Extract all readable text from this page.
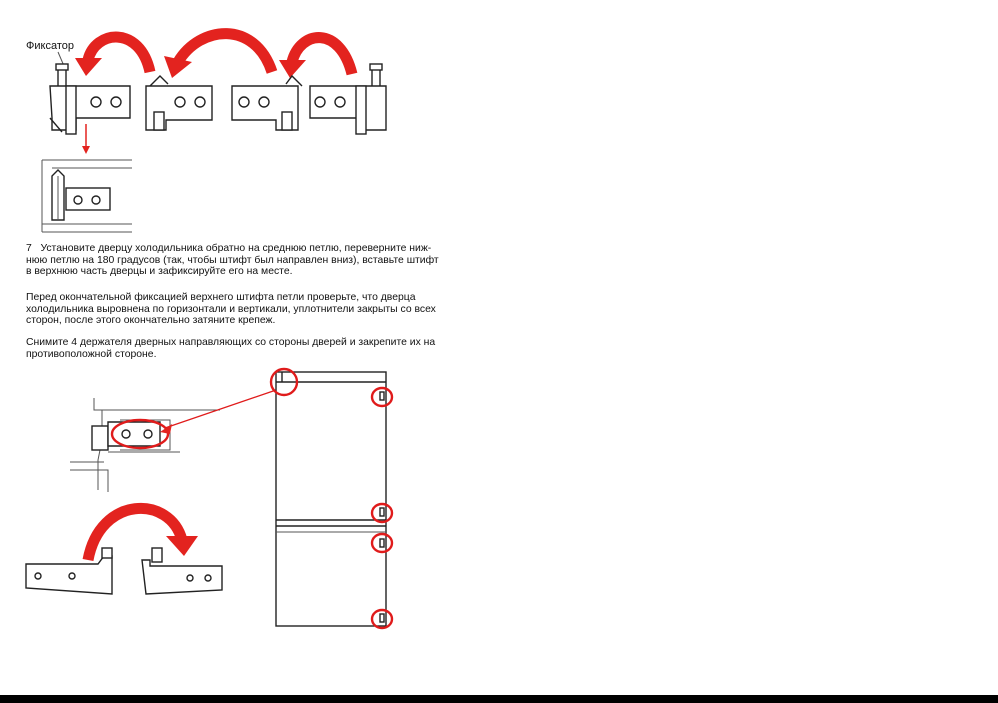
Фиксатор

7 Установите дверцу холодильника обратно на среднюю петлю, переверните ниж-
нюю петлю на 180 градусов (так, чтобы штифт был направлен вниз), вставьте штифт
в верхнюю часть дверцы и зафиксируйте его на месте.

Перед окончательной фиксацией верхнего штифта петли проверьте, что дверца
холодильника выровнена по горизонтали и вертикали, уплотнители закрыты со всех
сторон, после этого окончательно затяните крепеж.

Снимите 4 держателя дверных направляющих со стороны дверей и закрепите их на
противоположной стороне.
